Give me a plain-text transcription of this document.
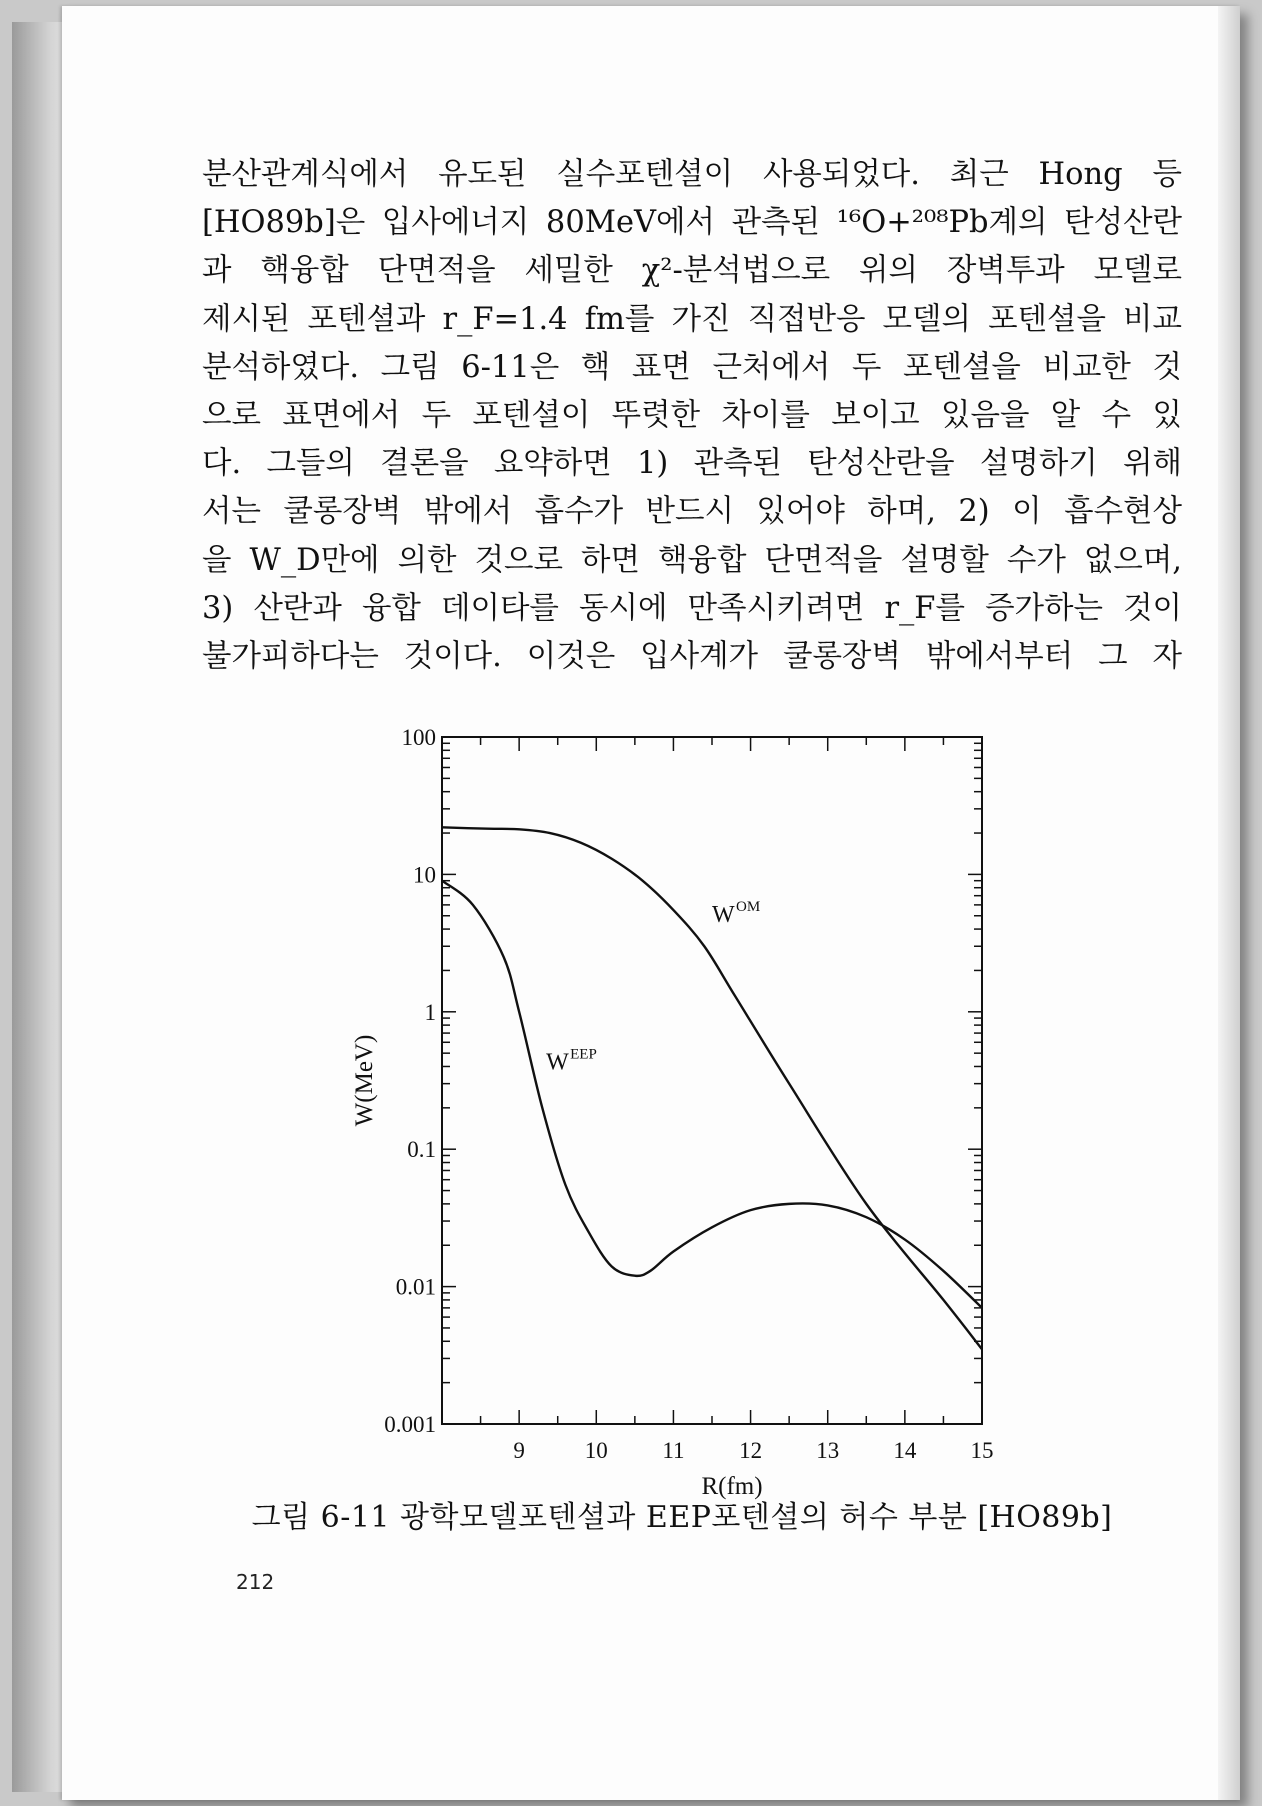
분산관계식에서 유도된 실수포텐셜이 사용되었다. 최근 Hong 등
[HO89b]은 입사에너지 80MeV에서 관측된 ¹⁶O+²⁰⁸Pb계의 탄성산란
과 핵융합 단면적을 세밀한 χ²-분석법으로 위의 장벽투과 모델로
제시된 포텐셜과 r_F=1.4 fm를 가진 직접반응 모델의 포텐셜을 비교
분석하였다. 그림 6-11은 핵 표면 근처에서 두 포텐셜을 비교한 것
으로 표면에서 두 포텐셜이 뚜렷한 차이를 보이고 있음을 알 수 있
다. 그들의 결론을 요약하면 1) 관측된 탄성산란을 설명하기 위해
서는 쿨롱장벽 밖에서 흡수가 반드시 있어야 하며, 2) 이 흡수현상
을 W_D만에 의한 것으로 하면 핵융합 단면적을 설명할 수가 없으며,
3) 산란과 융합 데이타를 동시에 만족시키려면 r_F를 증가하는 것이
불가피하다는 것이다. 이것은 입사계가 쿨롱장벽 밖에서부터 그 자
100
10
1
0.1
0.01
0.001
9	10 11 12 13 14 15
R(fm)
W(MeV)
W OM
W EEP
그림 6-11 광학모델포텐셜과 EEP포텐셜의 허수 부분 [HO89b]
212
